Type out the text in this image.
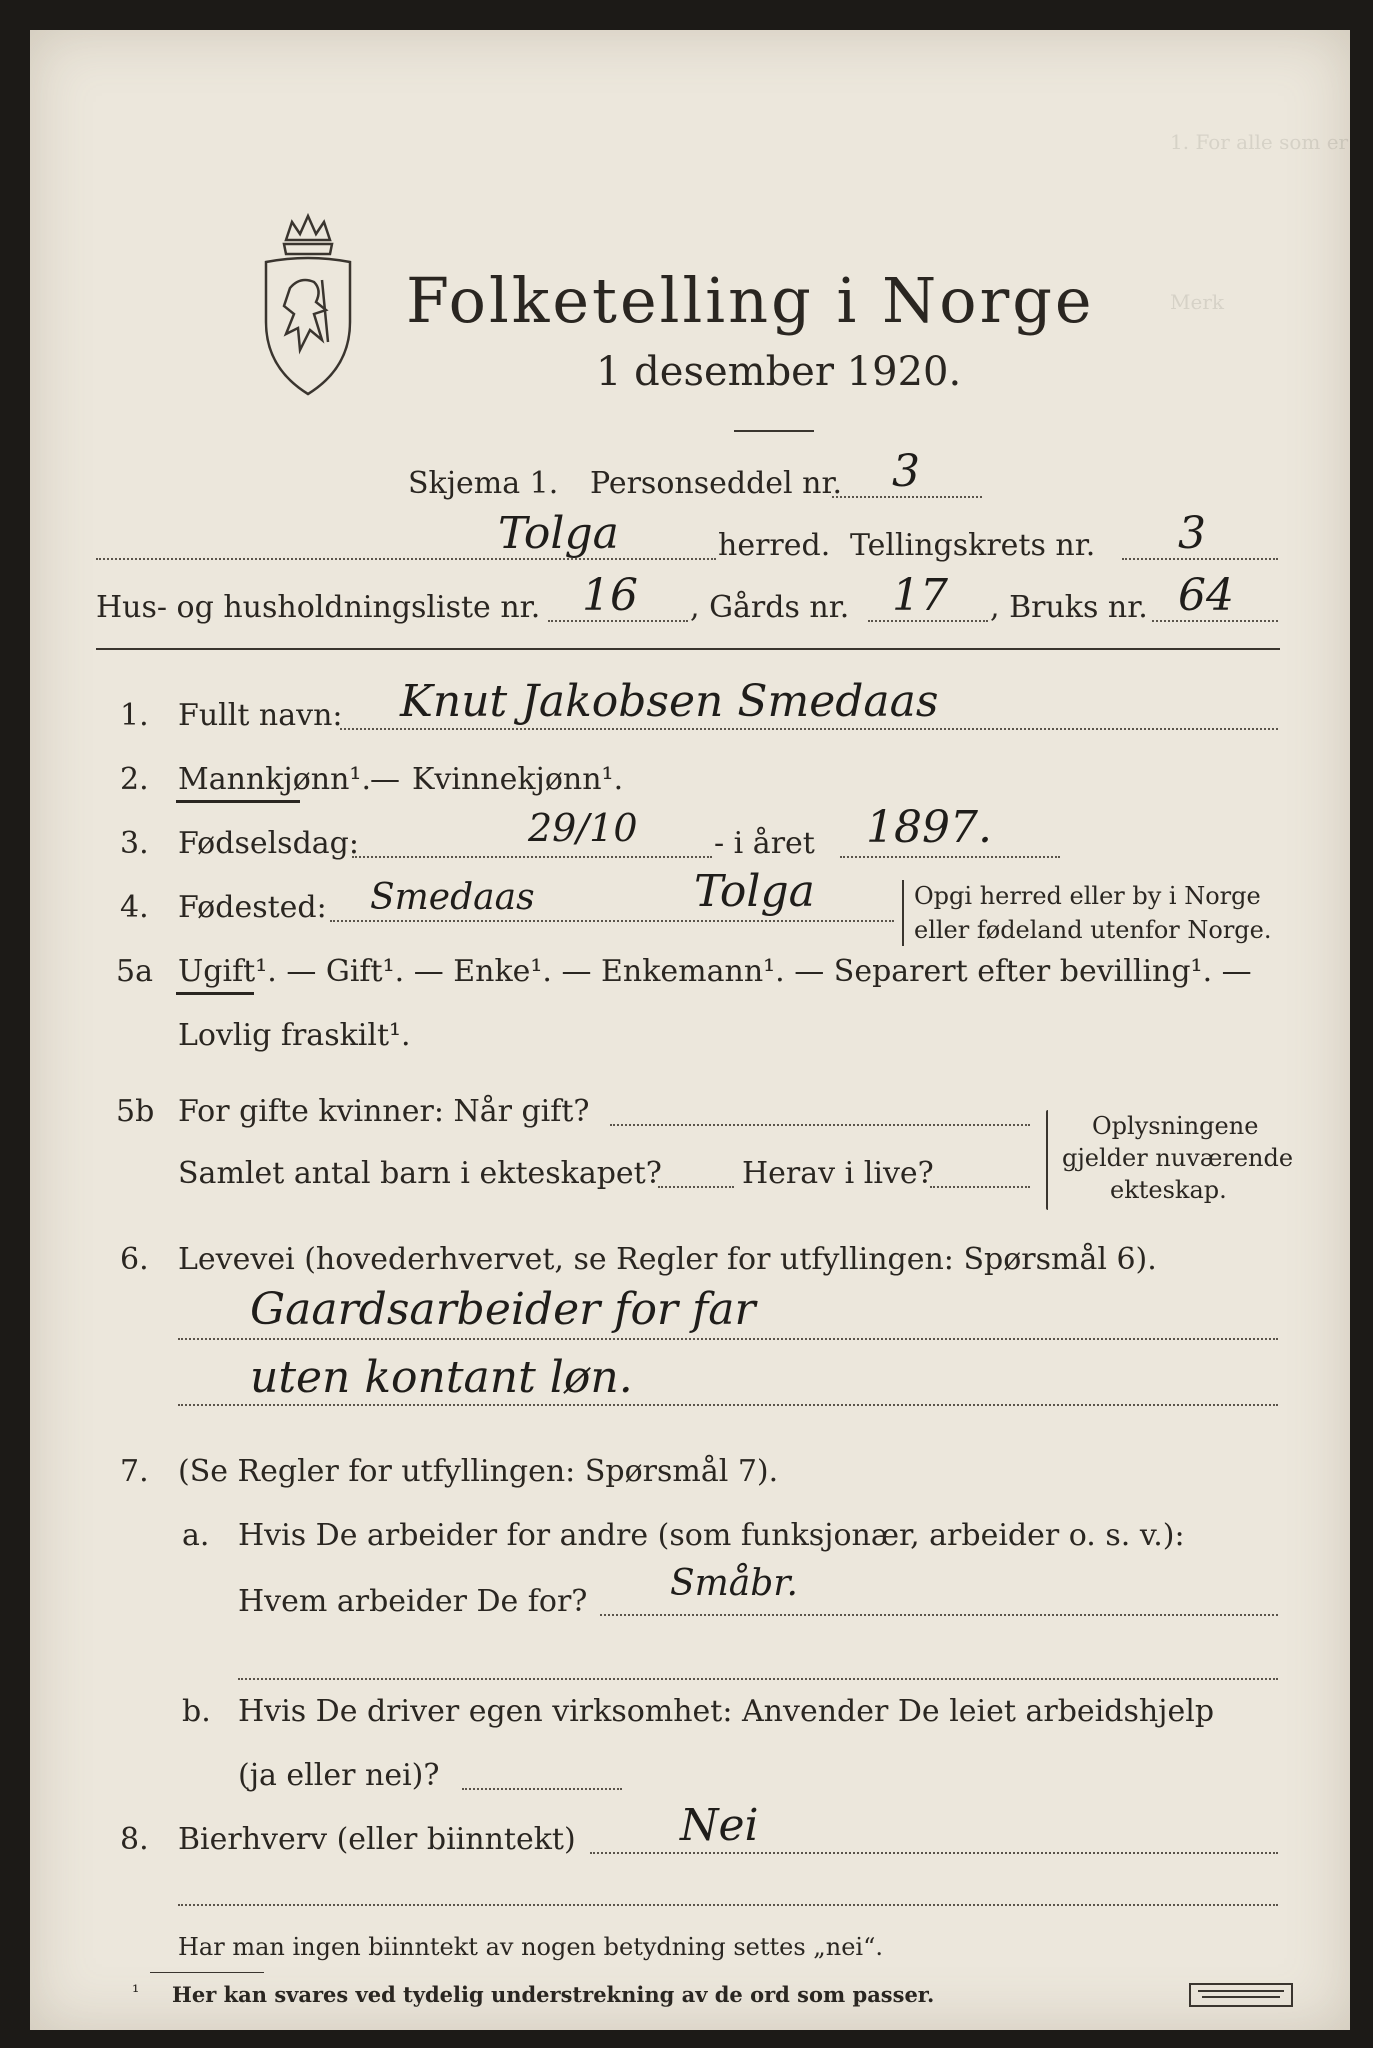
1. For alle som er
Merk
Folketelling i Norge
1 desember 1920.
Skjema 1. Personseddel nr. 3
Tolga	herred. Tellingskrets nr. 3
Hus- og husholdningsliste nr. 16 , Gårds nr. 17 , Bruks nr. 64
1. Fullt navn: Knut Jakobsen Smedaas
2. Mannkjønn¹. — Kvinnekjønn¹.
3. Fødselsdag:	29/10	- i året 1897.
4. Fødested: Smedaas	Tolga	Opgi herred eller by i Norge
eller fødeland utenfor Norge.
5a Ugift¹. — Gift¹. — Enke¹. — Enkemann¹. — Separert efter bevilling¹. —
Lovlig fraskilt¹.
5b For gifte kvinner: Når gift?
Samlet antal barn i ekteskapet?	Herav i live?
Oplysningene
gjelder nuværende
ekteskap.
6. Levevei (hovederhvervet, se Regler for utfyllingen: Spørsmål 6).
Gaardsarbeider for far
uten kontant løn.
7. (Se Regler for utfyllingen: Spørsmål 7).
a. Hvis De arbeider for andre (som funksjonær, arbeider o. s. v.):
Hvem arbeider De for? Småbr.
b. Hvis De driver egen virksomhet: Anvender De leiet arbeidshjelp
(ja eller nei)?
8. Bierhverv (eller biinntekt) Nei
Har man ingen biinntekt av nogen betydning settes „nei“.
¹ Her kan svares ved tydelig understrekning av de ord som passer.
